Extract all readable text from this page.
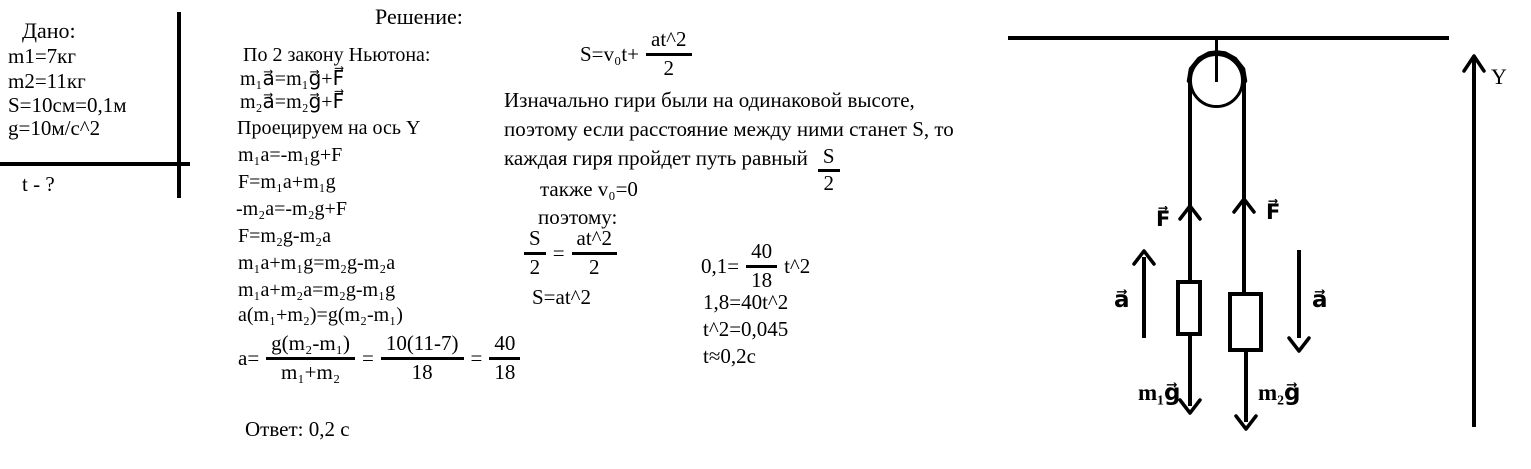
Дано:
m1=7кг
m2=11кг
S=10см=0,1м
g=10м/c^2
t - ?
Решение:
По 2 закону Ньютона:
m₁a⃗=m₁g⃗+F⃗
m₂a⃗=m₂g⃗+F⃗
Проецируем на ось Y
m₁a=-m₁g+F
F=m₁a+m₁g
-m₂a=-m₂g+F
F=m₂g-m₂a
m₁a+m₁g=m₂g-m₂a
m₁a+m₂a=m₂g-m₁g
a(m₁+m₂)=g(m₂-m₁)
$a= \frac{\text{g(m₂-m₁)}}{\text{m₁+m₂}} = \frac{10(11-7)}{18} = \frac{40}{18}$
Ответ: 0,2 с
$S=v_0t+ \frac{at\^{}2}{2}$
Изначально гири были на одинаковой высоте,
поэтому если расстояние между ними станет S, то
каждая гиря пройдет путь равный $\frac{S}{2}$
также v₀=0
поэтому:
$\frac{S}{2} = \frac{at\^{}2}{2}$
S=at^2
$0,1= \frac{40}{18}$ t^2
1,8=40t^2
t^2=0,045
t≈0,2c
F⃗	F⃗
m₁g⃗	m₂g⃗
a⃗	a⃗
Y
